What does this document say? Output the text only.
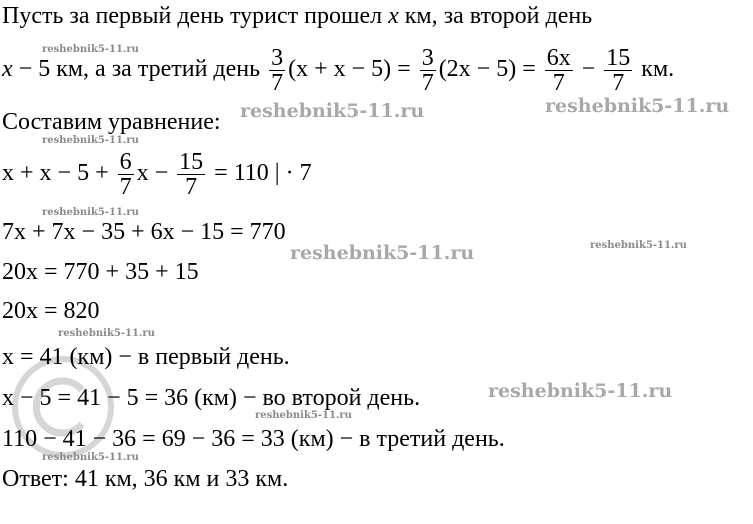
Пусть за первый день турист прошел x км, за второй день
x − 5 км, а за третий день $\frac{3}{7} (x + x - 5) = \frac{3}{7} (2x - 5) = \frac{6x}{7} - \frac{15}{7}$ км.
Составим уравнение:
$x + x - 5 + \frac{6}{7}$ $x - \frac{15}{7} = 110$ | · 7
7x + 7x − 35 + 6x − 15 = 770
20x = 770 + 35 + 15
20x = 820
x = 41 (км) − в первый день.
x − 5 = 41 − 5 = 36 (км) − во второй день.
110 − 41 − 36 = 69 − 36 = 33 (км) − в третий день.
Ответ: 41 км, 36 км и 33 км.
reshebnik5-11.ru	reshebnik5-11.ru
reshebnik5-11.ru
reshebnik5-11.ru
reshebnik5-11.ru
reshebnik5-11.ru
reshebnik5-11.ru
reshebnik5-11.ru
reshebnik5-11.ru
reshebnik5-11.ru
reshebnik5-11.ru
